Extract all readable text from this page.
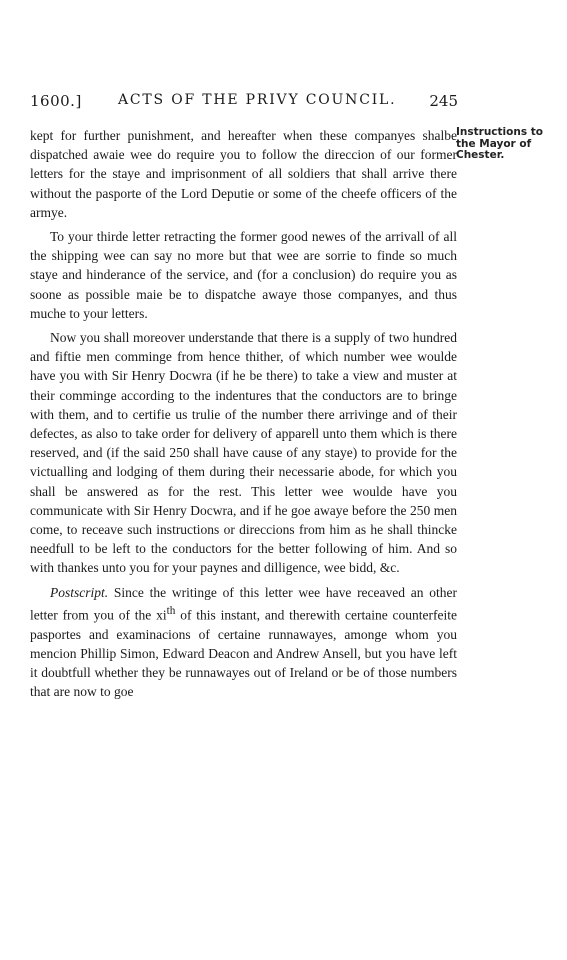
1600.]	ACTS OF THE PRIVY COUNCIL. 245
Instructions to the Mayor of Chester.

kept for further punishment, and hereafter when these companyes shalbe dispatched awaie wee do require you to follow the direccion of our former letters for the staye and imprisonment of all soldiers that shall arrive there without the pasporte of the Lord Deputie or some of the cheefe officers of the armye.

To your thirde letter retracting the former good newes of the arrivall of all the shipping wee can say no more but that wee are sorrie to finde so much staye and hinderance of the service, and (for a conclusion) do require you as soone as possible maie be to dispatche awaye those companyes, and thus muche to your letters.

Now you shall moreover understande that there is a supply of two hundred and fiftie men comminge from hence thither, of which number wee woulde have you with Sir Henry Docwra (if he be there) to take a view and muster at their comminge according to the indentures that the conductors are to bringe with them, and to certifie us trulie of the number there arrivinge and of their defectes, as also to take order for delivery of apparell unto them which is there reserved, and (if the said 250 shall have cause of any staye) to provide for the victualling and lodging of them during their necessarie abode, for which you shall be answered as for the rest. This letter wee woulde have you communicate with Sir Henry Docwra, and if he goe awaye before the 250 men come, to receave such instructions or direccions from him as he shall thincke needfull to be left to the conductors for the better following of him. And so with thankes unto you for your paynes and dilligence, wee bidd, &c.

Postscript. Since the writinge of this letter wee have receaved an other letter from you of the $xi^{th}$ of this instant, and therewith certaine counterfeite pasportes and examinacions of certaine runnawayes, amonge whom you mencion Phillip Simon, Edward Deacon and Andrew Ansell, but you have left it doubtfull whether they be runnawayes out of Ireland or be of those numbers that are now to goe
